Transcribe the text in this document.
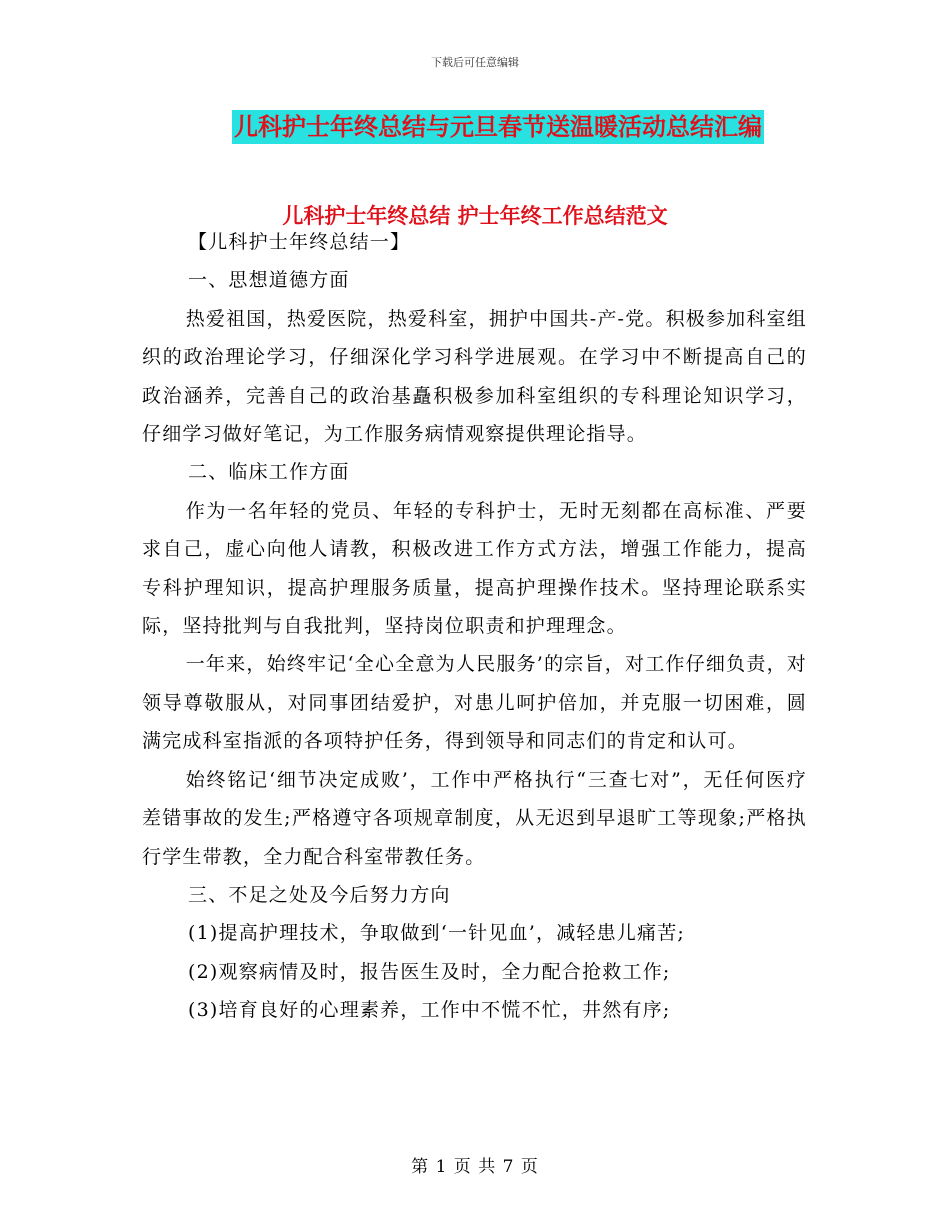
下载后可任意编辑
儿科护士年终总结与元旦春节送温暖活动总结汇编
儿科护士年终总结 护士年终工作总结范文

【儿科护士年终总结一】

一、思想道德方面

热爱祖国，热爱医院，热爱科室，拥护中国共-产-党。积极参加科室组织的政治理论学习，仔细深化学习科学进展观。在学习中不断提高自己的政治涵养，完善自己的政治基矗积极参加科室组织的专科理论知识学习，仔细学习做好笔记，为工作服务病情观察提供理论指导。

二、临床工作方面

作为一名年轻的党员、年轻的专科护士，无时无刻都在高标准、严要求自己，虚心向他人请教，积极改进工作方式方法，增强工作能力，提高专科护理知识，提高护理服务质量，提高护理操作技术。坚持理论联系实际，坚持批判与自我批判，坚持岗位职责和护理理念。

一年来，始终牢记‘全心全意为人民服务’的宗旨，对工作仔细负责，对领导尊敬服从，对同事团结爱护，对患儿呵护倍加，并克服一切困难，圆满完成科室指派的各项特护任务，得到领导和同志们的肯定和认可。

始终铭记‘细节决定成败’，工作中严格执行“三查七对”，无任何医疗差错事故的发生;严格遵守各项规章制度，从无迟到早退旷工等现象;严格执行学生带教，全力配合科室带教任务。

三、不足之处及今后努力方向

(1)提高护理技术，争取做到‘一针见血’，减轻患儿痛苦;

(2)观察病情及时，报告医生及时，全力配合抢救工作;

(3)培育良好的心理素养，工作中不慌不忙，井然有序;

第 1 页 共 7 页
